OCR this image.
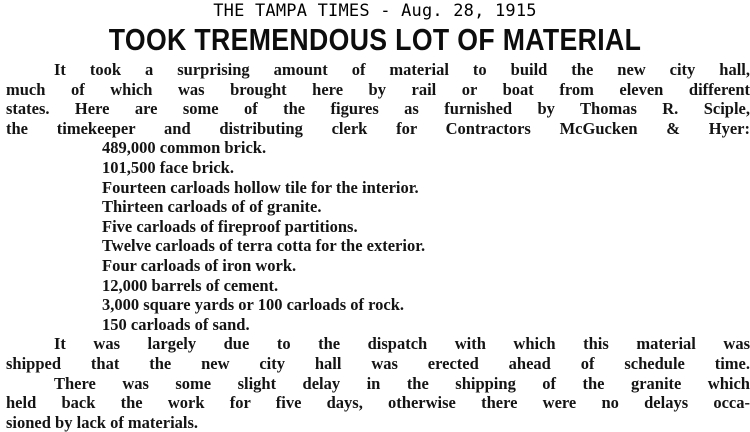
THE TAMPA TIMES - Aug. 28, 1915
TOOK TREMENDOUS LOT OF MATERIAL
It took a surprising amount of material to build the new city hall,
much of which was brought here by rail or boat from eleven different
states. Here are some of the figures as furnished by Thomas R. Sciple,
the timekeeper and distributing clerk for Contractors McGucken & Hyer:
489,000 common brick.
101,500 face brick.
Fourteen carloads hollow tile for the interior.
Thirteen carloads of of granite.
Five carloads of fireproof partitions.
Twelve carloads of terra cotta for the exterior.
Four carloads of iron work.
12,000 barrels of cement.
3,000 square yards or 100 carloads of rock.
150 carloads of sand.
It was largely due to the dispatch with which this material was
shipped that the new city hall was erected ahead of schedule time.
There was some slight delay in the shipping of the granite which
held back the work for five days, otherwise there were no delays occa-
sioned by lack of materials.
